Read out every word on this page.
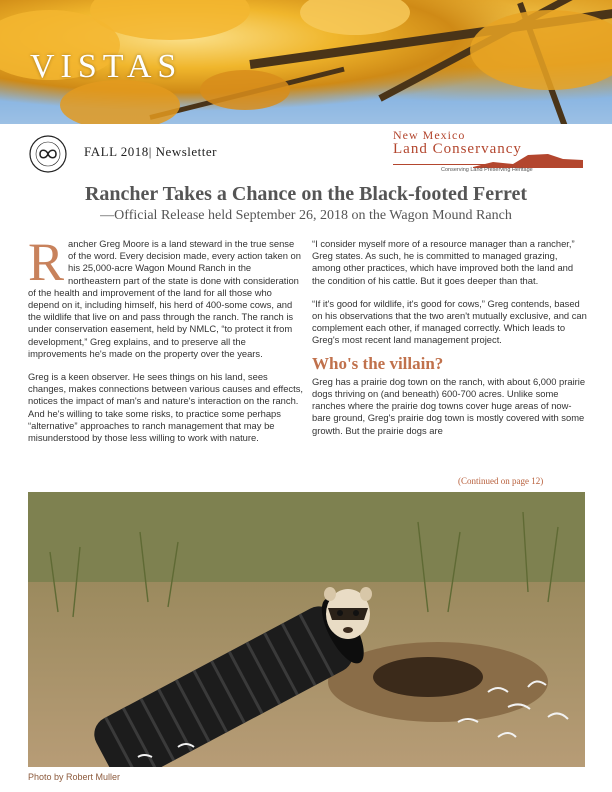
VISTAS
FALL 2018| Newsletter
New Mexico
Land Conservancy
Conserving Land Preserving Heritage
Rancher Takes a Chance on the Black-footed Ferret
—Official Release held September 26, 2018 on the Wagon Mound Ranch

Rancher Greg Moore is a land steward in the true sense of the word. Every decision made, every action taken on his 25,000-acre Wagon Mound Ranch in the northeastern part of the state is done with consideration of the health and improvement of the land for all those who depend on it, including himself, his herd of 400-some cows, and the wildlife that live on and pass through the ranch. The ranch is under conservation easement, held by NMLC, “to protect it from development,” Greg explains, and to preserve all the improvements he's made on the property over the years.

Greg is a keen observer. He sees things on his land, sees changes, makes connections between various causes and effects, notices the impact of man's and nature's interaction on the ranch. And he's willing to take some risks, to practice some perhaps “alternative” approaches to ranch management that may be misunderstood by those less willing to work with nature.

“I consider myself more of a resource manager than a rancher,” Greg states. As such, he is committed to managed grazing, among other practices, which have improved both the land and the condition of his cattle. But it goes deeper than that.

“If it's good for wildlife, it's good for cows,” Greg contends, based on his observations that the two aren't mutually exclusive, and can complement each other, if managed correctly. Which leads to Greg's most recent land management project.

Who's the villain?

Greg has a prairie dog town on the ranch, with about 6,000 prairie dogs thriving on (and beneath) 600-700 acres. Unlike some ranches where the prairie dog towns cover huge areas of now-bare ground, Greg's prairie dog town is mostly covered with some growth. But the prairie dogs are

(Continued on page 12)
Photo by Robert Muller
